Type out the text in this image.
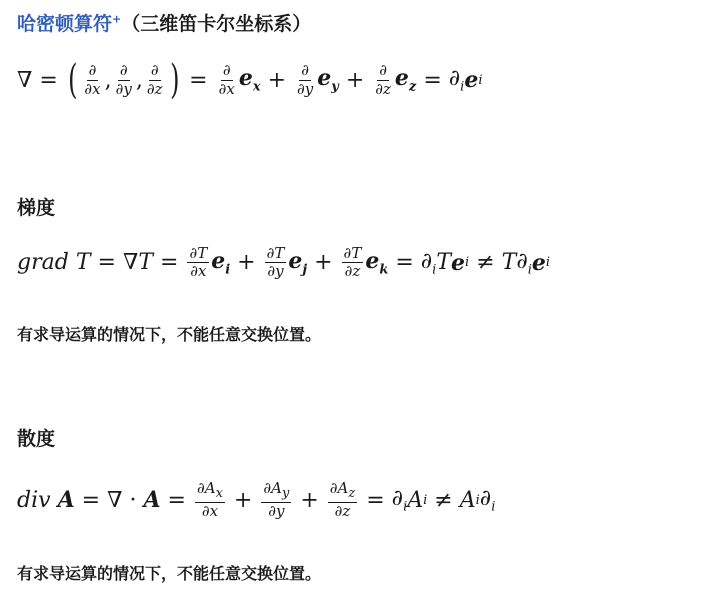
哈密顿算符+（三维笛卡尔坐标系）
∇ = ( $\frac{\partial}{\partial x}$ , $\frac{\partial}{\partial y}$ , $\frac{\partial}{\partial z}$ ) = $\frac{\partial}{\partial x} e_x + \frac{\partial}{\partial y} e_y + \frac{\partial}{\partial z} e_z = \partial_i$ e i
梯度
grad
T = ∇ $T = \frac{\partial T}{\partial x} e_i + \frac{\partial T}{\partial y} e_j + \frac{\partial T}{\partial z} e_k = \partial_i$ T e i ≠ T $\partial_i$ e i
有求导运算的情况下，不能任意交换位置。
散度
div
A = ∇ · $A = \frac{\partial A_x}{\partial x} + \frac{\partial A_y}{\partial y} + \frac{\partial A_z}{\partial z} = \partial_i$ A i ≠ A i $\partial_i$
有求导运算的情况下，不能任意交换位置。
